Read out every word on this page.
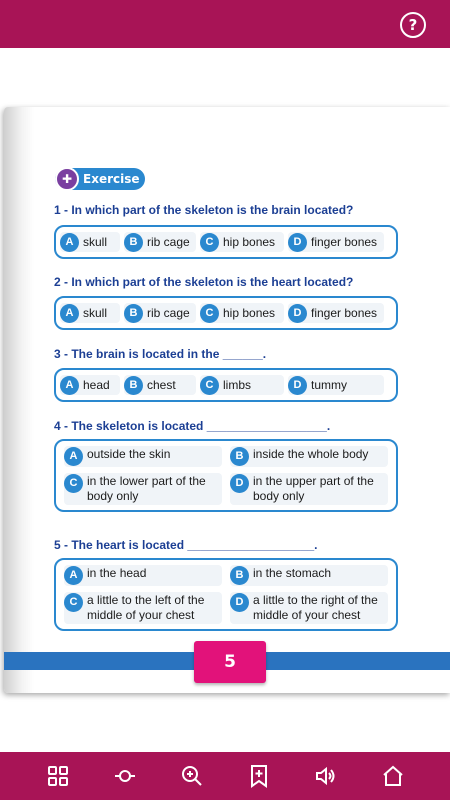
?
✚ Exercise
1 - In which part of the skeleton is the brain located?
A skull	B rib cage	C hip bones	D finger bones
2 - In which part of the skeleton is the heart located?
A skull	B rib cage	C hip bones	D finger bones
3 - The brain is located in the ______.
A head	B chest	C limbs	D tummy
4 - The skeleton is located __________________.
A outside the skin	B inside the whole body
C in the lower part of the body only
D in the upper part of the body only
5 - The heart is located ___________________.
A in the head	B in the stomach
C a little to the left of the middle of your chest
D a little to the right of the middle of your chest
5
